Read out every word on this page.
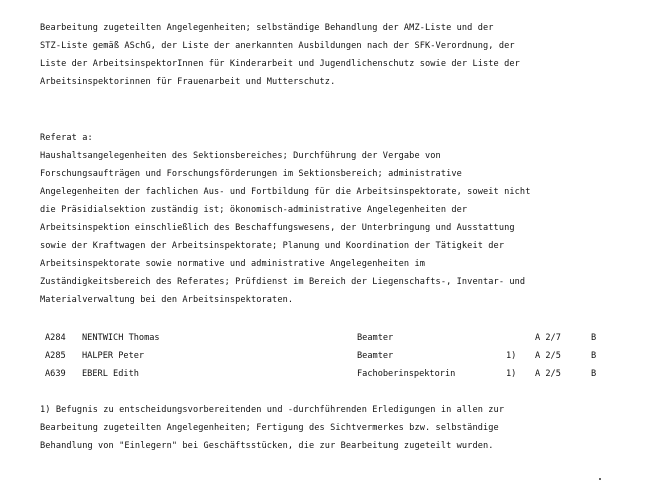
Bearbeitung zugeteilten Angelegenheiten; selbständige Behandlung der AMZ-Liste und der
STZ-Liste gemäß ASchG, der Liste der anerkannten Ausbildungen nach der SFK-Verordnung, der
Liste der ArbeitsinspektorInnen für Kinderarbeit und Jugendlichenschutz sowie der Liste der
Arbeitsinspektorinnen für Frauenarbeit und Mutterschutz.
Referat a:
Haushaltsangelegenheiten des Sektionsbereiches; Durchführung der Vergabe von
Forschungsaufträgen und Forschungsförderungen im Sektionsbereich; administrative
Angelegenheiten der fachlichen Aus- und Fortbildung für die Arbeitsinspektorate, soweit nicht
die Präsidialsektion zuständig ist; ökonomisch-administrative Angelegenheiten der
Arbeitsinspektion einschließlich des Beschaffungswesens, der Unterbringung und Ausstattung
sowie der Kraftwagen der Arbeitsinspektorate; Planung und Koordination der Tätigkeit der
Arbeitsinspektorate sowie normative und administrative Angelegenheiten im
Zuständigkeitsbereich des Referates; Prüfdienst im Bereich der Liegenschafts-, Inventar- und
Materialverwaltung bei den Arbeitsinspektoraten.
A284 NENTWICH Thomas	Beamter	A 2/7	B
A285 HALPER Peter	Beamter	1) A 2/5	B
A639 EBERL Edith	Fachoberinspektorin	1) A 2/5	B
1) Befugnis zu entscheidungsvorbereitenden und -durchführenden Erledigungen in allen zur
Bearbeitung zugeteilten Angelegenheiten; Fertigung des Sichtvermerkes bzw. selbständige
Behandlung von "Einlegern" bei Geschäftsstücken, die zur Bearbeitung zugeteilt wurden.
